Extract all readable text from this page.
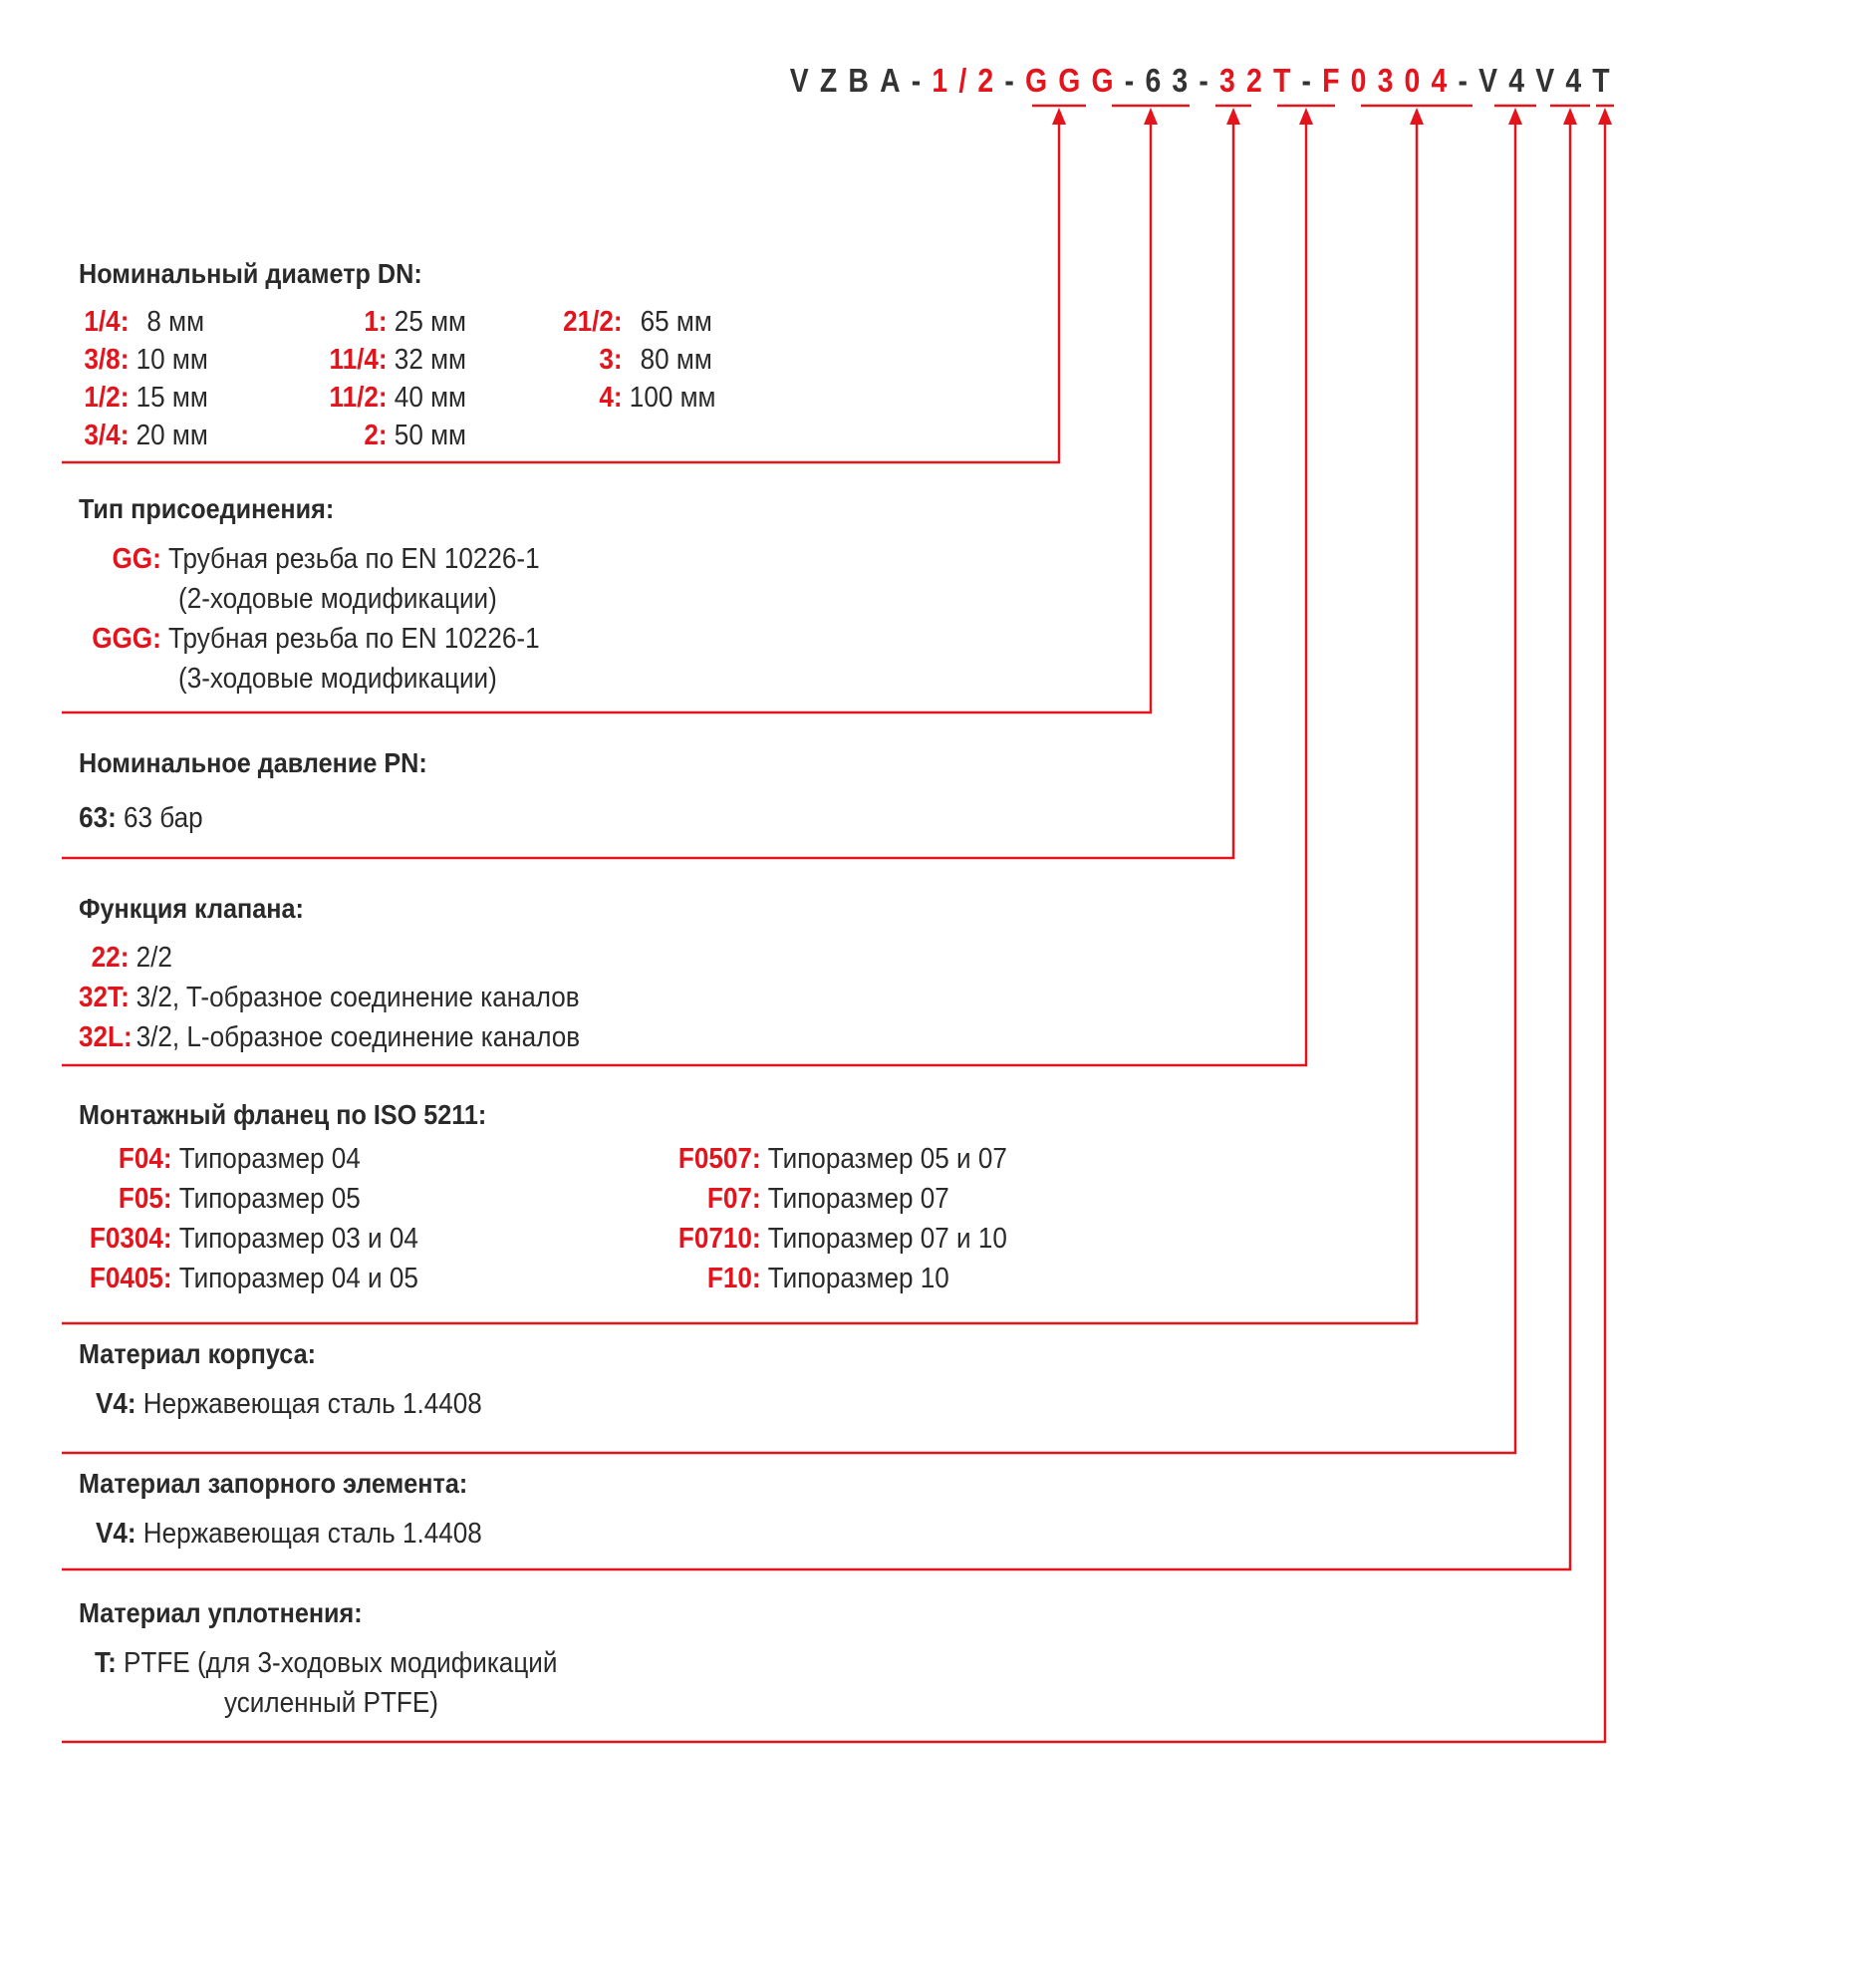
VZBA - 1/2 - GGG - 63 - 32T - F0304 - V4 V4 T
Номинальный диаметр DN:
1/4: 8 мм
3/8: 10 мм
1/2: 15 мм
3/4: 20 мм
1: 25 мм
11/4: 32 мм
11/2: 40 мм
2: 50 мм
21/2: 65 мм
3: 80 мм
4: 100 мм
Тип присоединения:
GG: Трубная резьба по EN 10226-1
(2-ходовые модификации)
GGG: Трубная резьба по EN 10226-1
(3-ходовые модификации)
Номинальное давление PN:
63: 63 бар
Функция клапана:
22: 2/2
32T: 3/2, T-образное соединение каналов
32L: 3/2, L-образное соединение каналов
Монтажный фланец по ISO 5211:
F04: Типоразмер 04
F05: Типоразмер 05
F0304: Типоразмер 03 и 04
F0405: Типоразмер 04 и 05
F0507: Типоразмер 05 и 07
F07: Типоразмер 07
F0710: Типоразмер 07 и 10
F10: Типоразмер 10
Материал корпуса:
V4: Нержавеющая сталь 1.4408
Материал запорного элемента:
V4: Нержавеющая сталь 1.4408
Материал уплотнения:
T: PTFE (для 3-ходовых модификаций
усиленный PTFE)
